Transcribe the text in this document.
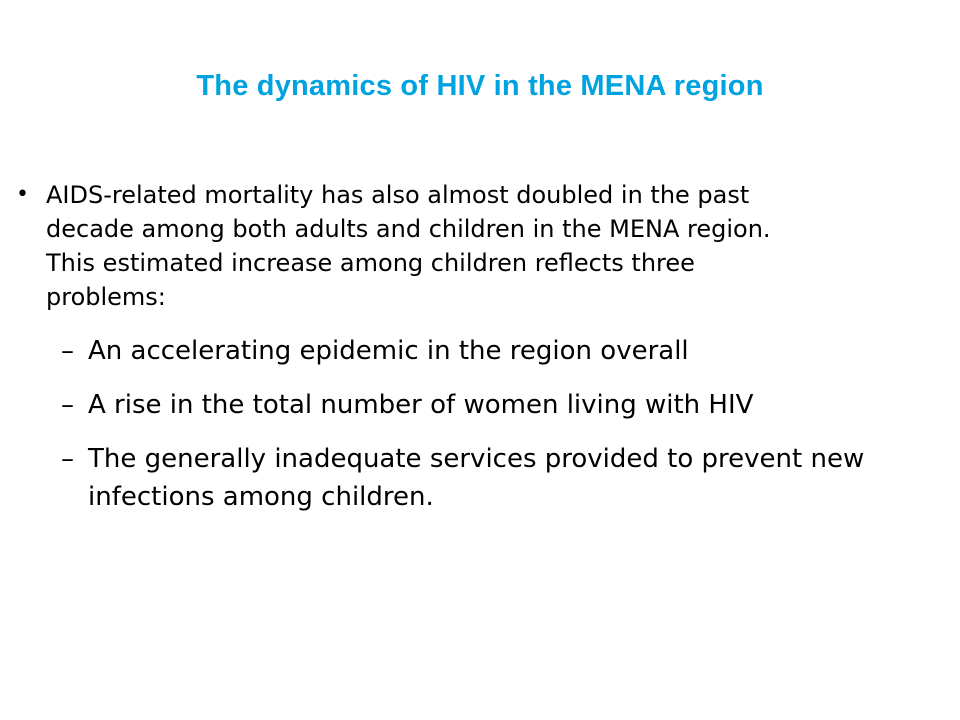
The dynamics of HIV in the MENA region
• AIDS-related mortality has also almost doubled in the past decade among both adults and children in the MENA region. This estimated increase among children reflects three problems:
– An accelerating epidemic in the region overall
– A rise in the total number of women living with HIV
– The generally inadequate services provided to prevent new infections among children.
